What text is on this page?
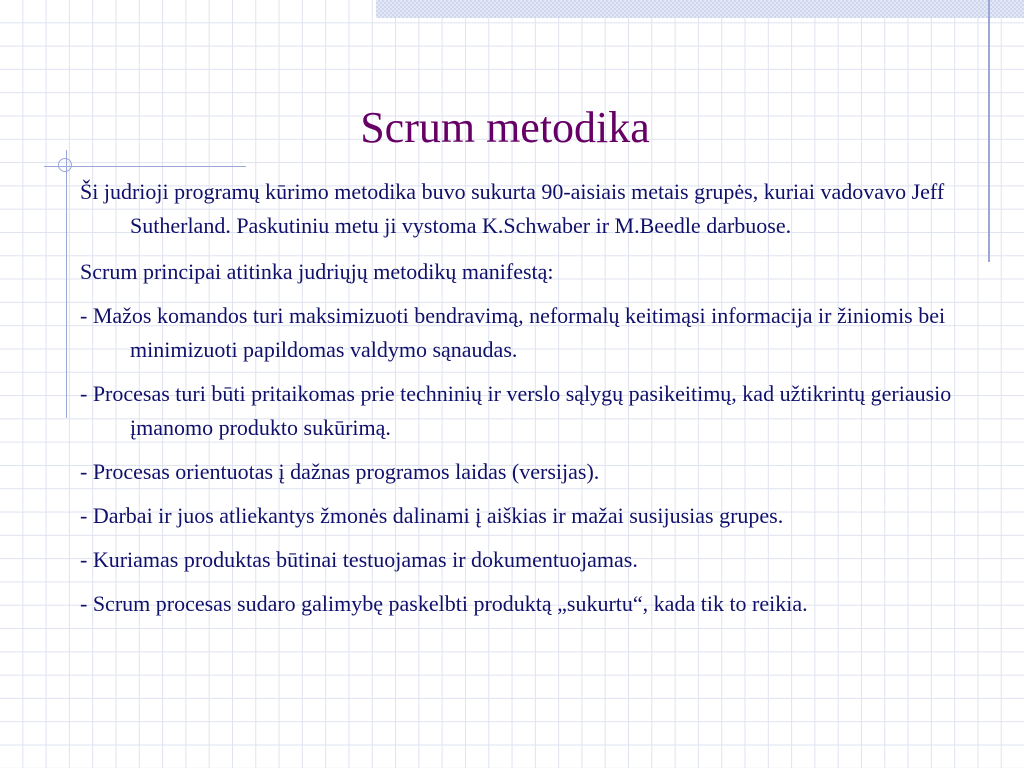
Scrum metodika
Ši judrioji programų kūrimo metodika buvo sukurta 90-aisiais metais grupės, kuriai vadovavo Jeff Sutherland. Paskutiniu metu ji vystoma K.Schwaber ir M.Beedle darbuose.
Scrum principai atitinka judriųjų metodikų manifestą:
- Mažos komandos turi maksimizuoti bendravimą, neformalų keitimąsi informacija ir žiniomis bei minimizuoti papildomas valdymo sąnaudas.
- Procesas turi būti pritaikomas prie techninių ir verslo sąlygų pasikeitimų, kad užtikrintų geriausio įmanomo produkto sukūrimą.
- Procesas orientuotas į dažnas programos laidas (versijas).
- Darbai ir juos atliekantys žmonės dalinami į aiškias ir mažai susijusias grupes.
- Kuriamas produktas būtinai testuojamas ir dokumentuojamas.
- Scrum procesas sudaro galimybę paskelbti produktą „sukurtu“, kada tik to reikia.
